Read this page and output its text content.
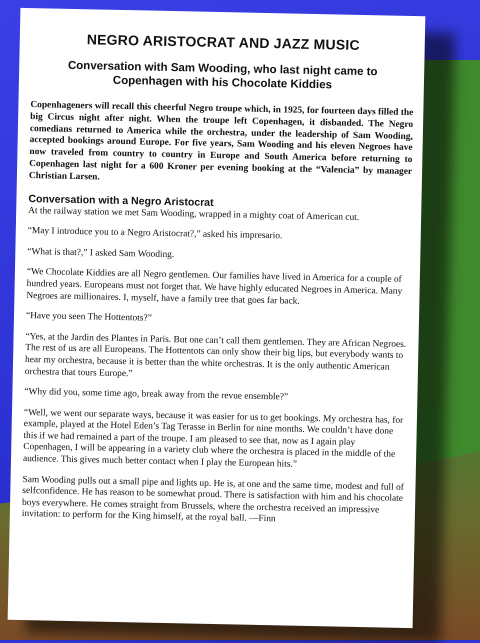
NEGRO ARISTOCRAT AND JAZZ MUSIC
Conversation with Sam Wooding, who last night came to Copenhagen with his Chocolate Kiddies
Copenhageners will recall this cheerful Negro troupe which, in 1925, for fourteen days filled the big Circus night after night. When the troupe left Copenhagen, it disbanded. The Negro comedians returned to America while the orchestra, under the leadership of Sam Wooding, accepted bookings around Europe. For five years, Sam Wooding and his eleven Negroes have now traveled from country to country in Europe and South America before returning to Copenhagen last night for a 600 Kroner per evening booking at the “Valencia” by manager Christian Larsen.
Conversation with a Negro Aristocrat

At the railway station we met Sam Wooding, wrapped in a mighty coat of American cut.

“May I introduce you to a Negro Aristocrat?,” asked his impresario.

“What is that?,” I asked Sam Wooding.

“We Chocolate Kiddies are all Negro gentlemen. Our families have lived in America for a couple of hundred years. Europeans must not forget that. We have highly educated Negroes in America. Many Negroes are millionaires. I, myself, have a family tree that goes far back.

“Have you seen The Hottentots?”

“Yes, at the Jardin des Plantes in Paris. But one can’t call them gentlemen. They are African Negroes. The rest of us are all Europeans. The Hottentots can only show their big lips, but everybody wants to hear my orchestra, because it is better than the white orchestras. It is the only authentic American orchestra that tours Europe.”

“Why did you, some time ago, break away from the revue ensemble?”

“Well, we went our separate ways, because it was easier for us to get bookings. My orchestra has, for example, played at the Hotel Eden’s Tag Terasse in Berlin for nine months. We couldn’t have done this if we had remained a part of the troupe. I am pleased to see that, now as I again play Copenhagen, I will be appearing in a variety club where the orchestra is placed in the middle of the audience. This gives much better contact when I play the European hits.”

Sam Wooding pulls out a small pipe and lights up. He is, at one and the same time, modest and full of selfconfidence. He has reason to be somewhat proud. There is satisfaction with him and his chocolate boys everywhere. He comes straight from Brussels, where the orchestra received an impressive invitation: to perform for the King himself, at the royal ball. —Finn
